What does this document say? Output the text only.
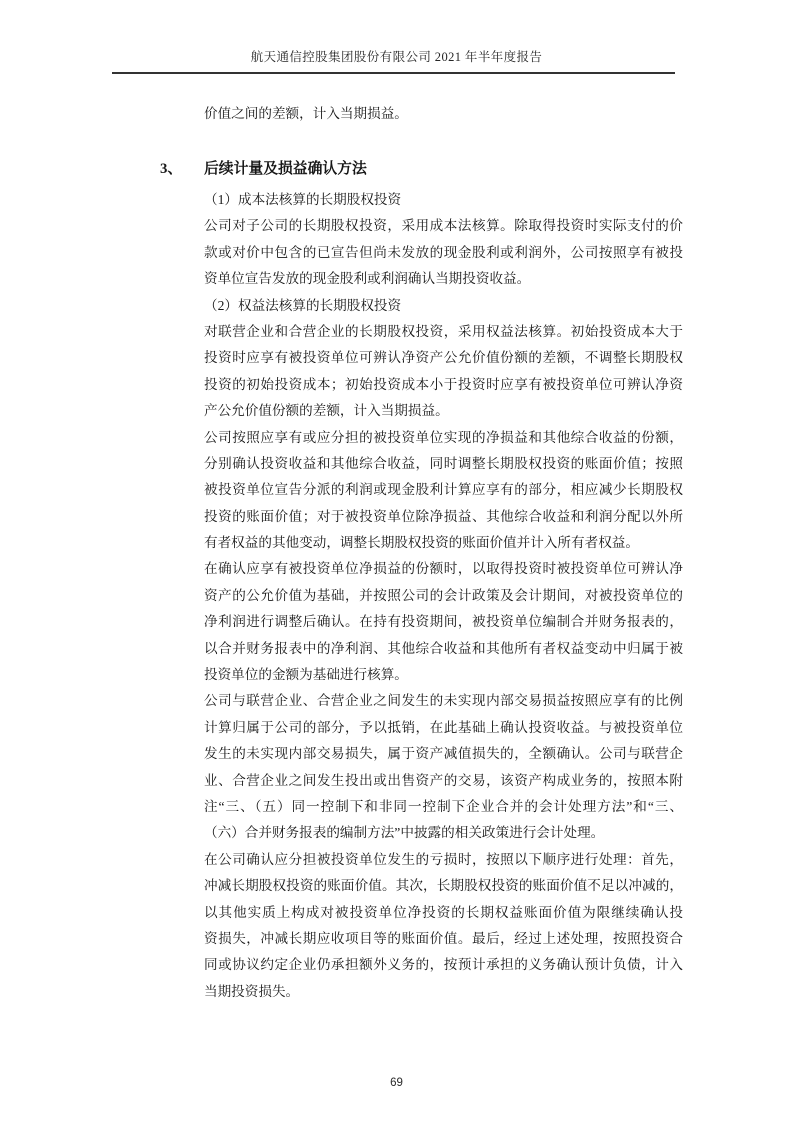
航天通信控股集团股份有限公司 2021 年半年度报告
价值之间的差额，计入当期损益。
3、 后续计量及损益确认方法
（1）成本法核算的长期股权投资
公司对子公司的长期股权投资，采用成本法核算。除取得投资时实际支付的价
款或对价中包含的已宣告但尚未发放的现金股利或利润外，公司按照享有被投
资单位宣告发放的现金股利或利润确认当期投资收益。
（2）权益法核算的长期股权投资
对联营企业和合营企业的长期股权投资，采用权益法核算。初始投资成本大于
投资时应享有被投资单位可辨认净资产公允价值份额的差额，不调整长期股权
投资的初始投资成本；初始投资成本小于投资时应享有被投资单位可辨认净资
产公允价值份额的差额，计入当期损益。
公司按照应享有或应分担的被投资单位实现的净损益和其他综合收益的份额，
分别确认投资收益和其他综合收益，同时调整长期股权投资的账面价值；按照
被投资单位宣告分派的利润或现金股利计算应享有的部分，相应减少长期股权
投资的账面价值；对于被投资单位除净损益、其他综合收益和利润分配以外所
有者权益的其他变动，调整长期股权投资的账面价值并计入所有者权益。
在确认应享有被投资单位净损益的份额时，以取得投资时被投资单位可辨认净
资产的公允价值为基础，并按照公司的会计政策及会计期间，对被投资单位的
净利润进行调整后确认。在持有投资期间，被投资单位编制合并财务报表的，
以合并财务报表中的净利润、其他综合收益和其他所有者权益变动中归属于被
投资单位的金额为基础进行核算。
公司与联营企业、合营企业之间发生的未实现内部交易损益按照应享有的比例
计算归属于公司的部分，予以抵销，在此基础上确认投资收益。与被投资单位
发生的未实现内部交易损失，属于资产减值损失的，全额确认。公司与联营企
业、合营企业之间发生投出或出售资产的交易，该资产构成业务的，按照本附
注“三、（五）同一控制下和非同一控制下企业合并的会计处理方法”和“三、
（六）合并财务报表的编制方法”中披露的相关政策进行会计处理。
在公司确认应分担被投资单位发生的亏损时，按照以下顺序进行处理：首先，
冲减长期股权投资的账面价值。其次，长期股权投资的账面价值不足以冲减的，
以其他实质上构成对被投资单位净投资的长期权益账面价值为限继续确认投
资损失，冲减长期应收项目等的账面价值。最后，经过上述处理，按照投资合
同或协议约定企业仍承担额外义务的，按预计承担的义务确认预计负债，计入
当期投资损失。
69
